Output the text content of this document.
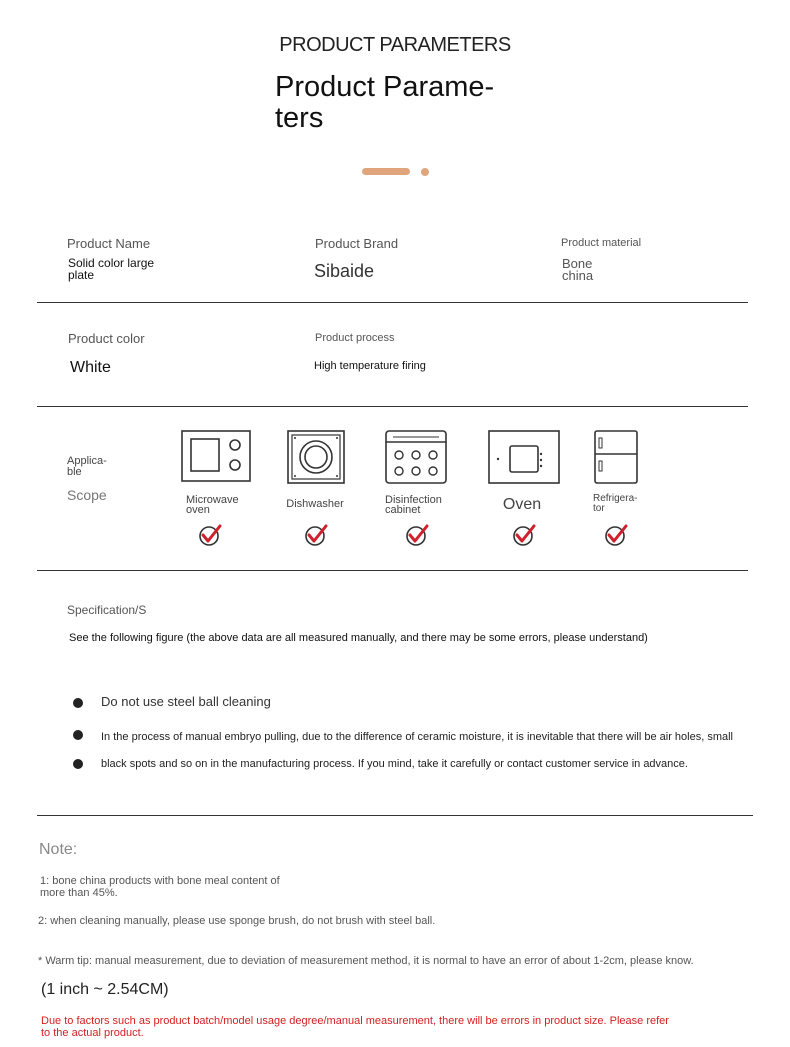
PRODUCT PARAMETERS
Product Parame-
ters
Product Name
Solid color large
plate
Product Brand
Sibaide
Product material
Bone
china
Product color
White
Product process
High temperature firing
Applica-
ble
Scope	Microwave
oven	Dishwasher	Disinfection
cabinet	Oven	Refrigera-
tor
Specification/S
See the following figure (the above data are all measured manually, and there may be some errors, please understand)
Do not use steel ball cleaning
In the process of manual embryo pulling, due to the difference of ceramic moisture, it is inevitable that there will be air holes, small
black spots and so on in the manufacturing process. If you mind, take it carefully or contact customer service in advance.
Note:
1: bone china products with bone meal content of
more than 45%.
2: when cleaning manually, please use sponge brush, do not brush with steel ball.
* Warm tip: manual measurement, due to deviation of measurement method, it is normal to have an error of about 1-2cm, please know.
(1 inch ~ 2.54CM)
Due to factors such as product batch/model usage degree/manual measurement, there will be errors in product size. Please refer
to the actual product.
